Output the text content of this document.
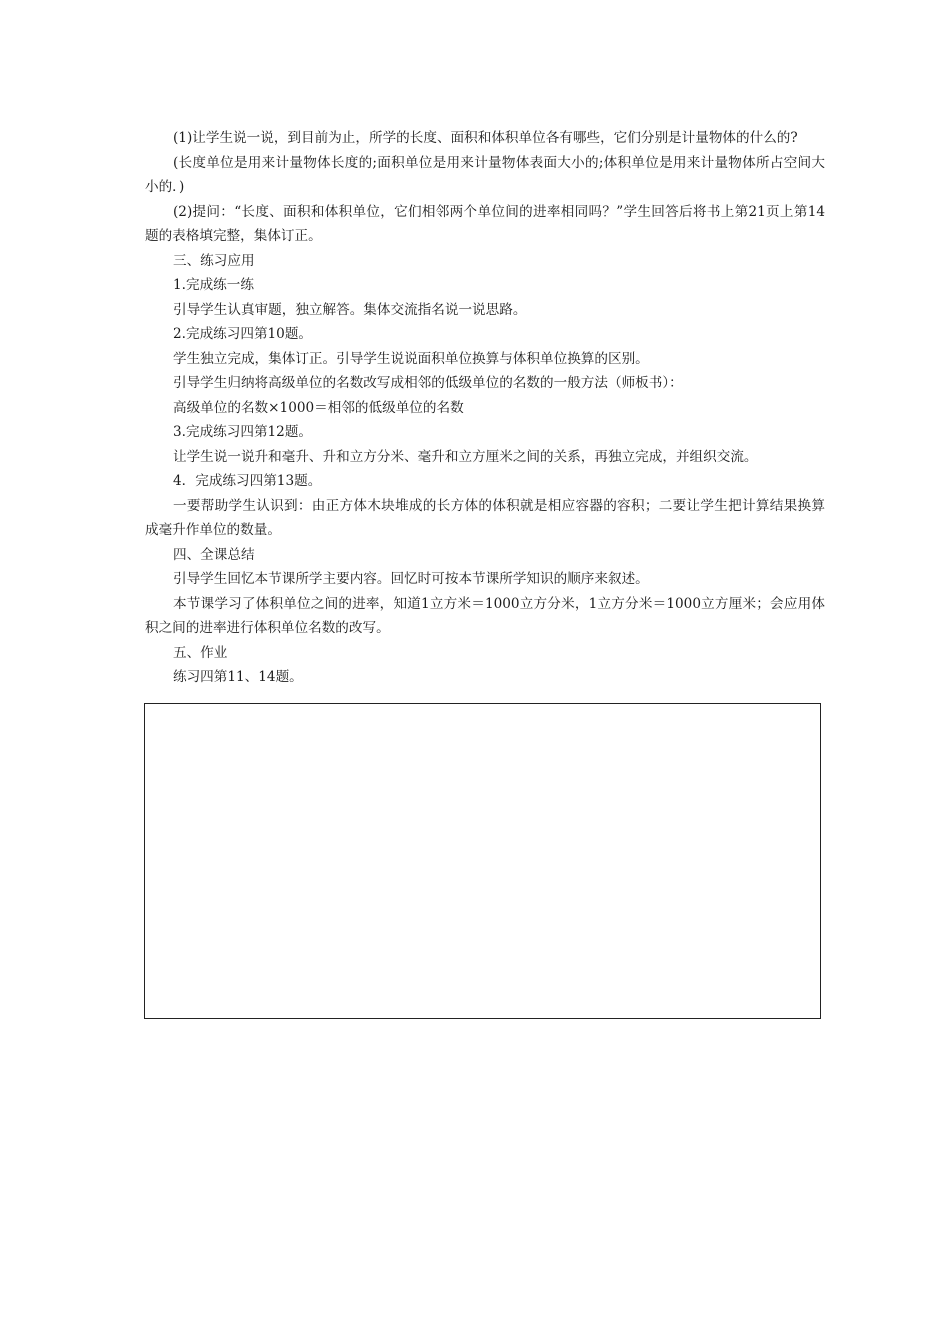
(1)让学生说一说，到目前为止，所学的长度、面积和体积单位各有哪些，它们分别是计量物体的什么的?

(长度单位是用来计量物体长度的;面积单位是用来计量物体表面大小的;体积单位是用来计量物体所占空间大小的．)

(2)提问：“长度、面积和体积单位，它们相邻两个单位间的进率相同吗？”学生回答后将书上第21页上第14题的表格填完整，集体订正。

三、练习应用

1.完成练一练

引导学生认真审题，独立解答。集体交流指名说一说思路。

2.完成练习四第10题。

学生独立完成，集体订正。引导学生说说面积单位换算与体积单位换算的区别。

引导学生归纳将高级单位的名数改写成相邻的低级单位的名数的一般方法（师板书）：

高级单位的名数×1000＝相邻的低级单位的名数

3.完成练习四第12题。

让学生说一说升和毫升、升和立方分米、毫升和立方厘米之间的关系，再独立完成，并组织交流。

4．完成练习四第13题。

一要帮助学生认识到：由正方体木块堆成的长方体的体积就是相应容器的容积；二要让学生把计算结果换算成毫升作单位的数量。

四、全课总结

引导学生回忆本节课所学主要内容。回忆时可按本节课所学知识的顺序来叙述。

本节课学习了体积单位之间的进率，知道1立方米＝1000立方分米，1立方分米＝1000立方厘米；会应用体积之间的进率进行体积单位名数的改写。

五、作业

练习四第11、14题。
